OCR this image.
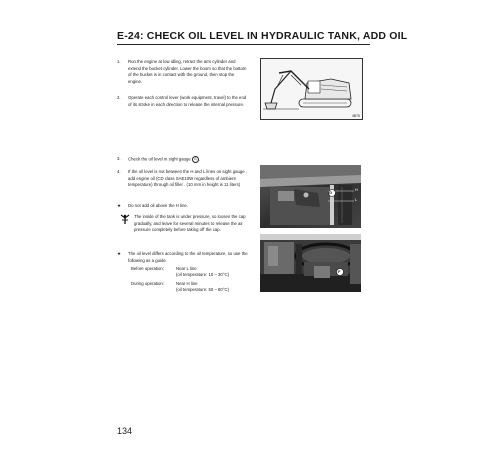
E-24: CHECK OIL LEVEL IN HYDRAULIC TANK, ADD OIL
1. Run the engine at low idling, retract the arm cylinder and extend the bucket cylinder. Lower the boom so that the bottom of the bucket is in contact with the ground, then stop the engine.
2. Operate each control lever (work equipment, travel) to the end of its stroke in each direction to release the internal pressure.
4B75
3. Check the oil level in sight gauge G .
4. If the oil level is not between the H and L lines on sight gauge , add engine oil (CD class SAE10W regardless of ambient temperature) through oil filler . (10 mm in height is 11 liters)
★ Do not add oil above the H line.
The inside of the tank is under pressure, so loosen the cap gradually, and leave for several minutes to release the air pressure completely before taking off the cap.
★ The oil level differs according to the oil temperature, so use the following as a guide.
Before operation:	Near L line
(oil temperature: 10 – 30°C)
During operation:	Near H line
(oil temperature: 50 – 80°C)
G
H
L
F
134
